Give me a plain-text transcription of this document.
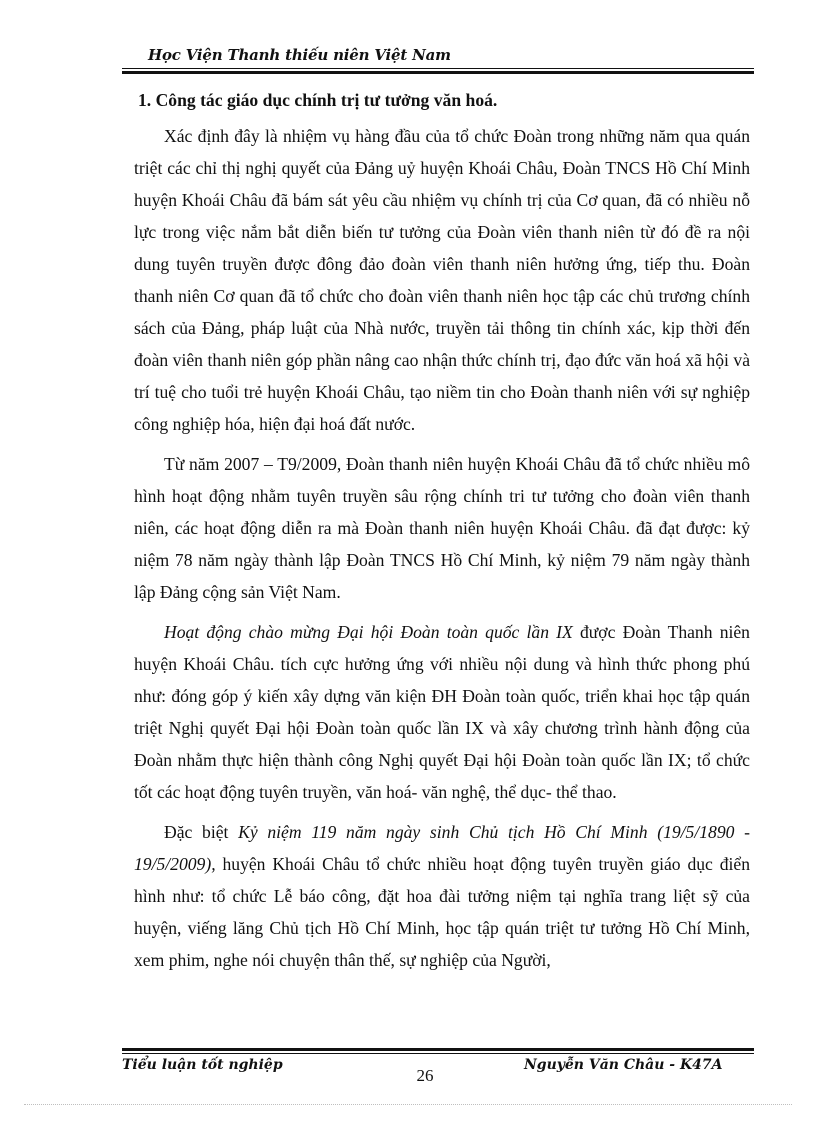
Học Viện Thanh thiếu niên Việt Nam

1. Công tác giáo dục chính trị tư tưởng văn hoá.

Xác định đây là nhiệm vụ hàng đầu của tổ chức Đoàn trong những năm qua quán triệt các chỉ thị nghị quyết của Đảng uỷ huyện Khoái Châu, Đoàn TNCS Hồ Chí Minh huyện Khoái Châu đã bám sát yêu cầu nhiệm vụ chính trị của Cơ quan, đã có nhiều nỗ lực trong việc nắm bắt diễn biến tư tưởng của Đoàn viên thanh niên từ đó đề ra nội dung tuyên truyền được đông đảo đoàn viên thanh niên hưởng ứng, tiếp thu. Đoàn thanh niên Cơ quan đã tổ chức cho đoàn viên thanh niên học tập các chủ trương chính sách của Đảng, pháp luật của Nhà nước, truyền tải thông tin chính xác, kịp thời đến đoàn viên thanh niên góp phần nâng cao nhận thức chính trị, đạo đức văn hoá xã hội và trí tuệ cho tuổi trẻ huyện Khoái Châu, tạo niềm tin cho Đoàn thanh niên với sự nghiệp công nghiệp hóa, hiện đại hoá đất nước.

Từ năm 2007 – T9/2009, Đoàn thanh niên huyện Khoái Châu đã tổ chức nhiều mô hình hoạt động nhằm tuyên truyền sâu rộng chính tri tư tưởng cho đoàn viên thanh niên, các hoạt động diễn ra mà Đoàn thanh niên huyện Khoái Châu. đã đạt được: kỷ niệm 78 năm ngày thành lập Đoàn TNCS Hồ Chí Minh, kỷ niệm 79 năm ngày thành lập Đảng cộng sản Việt Nam.

Hoạt động chào mừng Đại hội Đoàn toàn quốc lần IX được Đoàn Thanh niên huyện Khoái Châu. tích cực hưởng ứng với nhiều nội dung và hình thức phong phú như: đóng góp ý kiến xây dựng văn kiện ĐH Đoàn toàn quốc, triển khai học tập quán triệt Nghị quyết Đại hội Đoàn toàn quốc lần IX và xây chương trình hành động của Đoàn nhằm thực hiện thành công Nghị quyết Đại hội Đoàn toàn quốc lần IX; tổ chức tốt các hoạt động tuyên truyền, văn hoá- văn nghệ, thể dục- thể thao.

Đặc biệt Kỷ niệm 119 năm ngày sinh Chủ tịch Hồ Chí Minh (19/5/1890 - 19/5/2009), huyện Khoái Châu tổ chức nhiều hoạt động tuyên truyền giáo dục điển hình như: tổ chức Lễ báo công, đặt hoa đài tưởng niệm tại nghĩa trang liệt sỹ của huyện, viếng lăng Chủ tịch Hồ Chí Minh, học tập quán triệt tư tưởng Hồ Chí Minh, xem phim, nghe nói chuyện thân thế, sự nghiệp của Người,

Tiểu luận tốt nghiệp
26
Nguyễn Văn Châu - K47A
